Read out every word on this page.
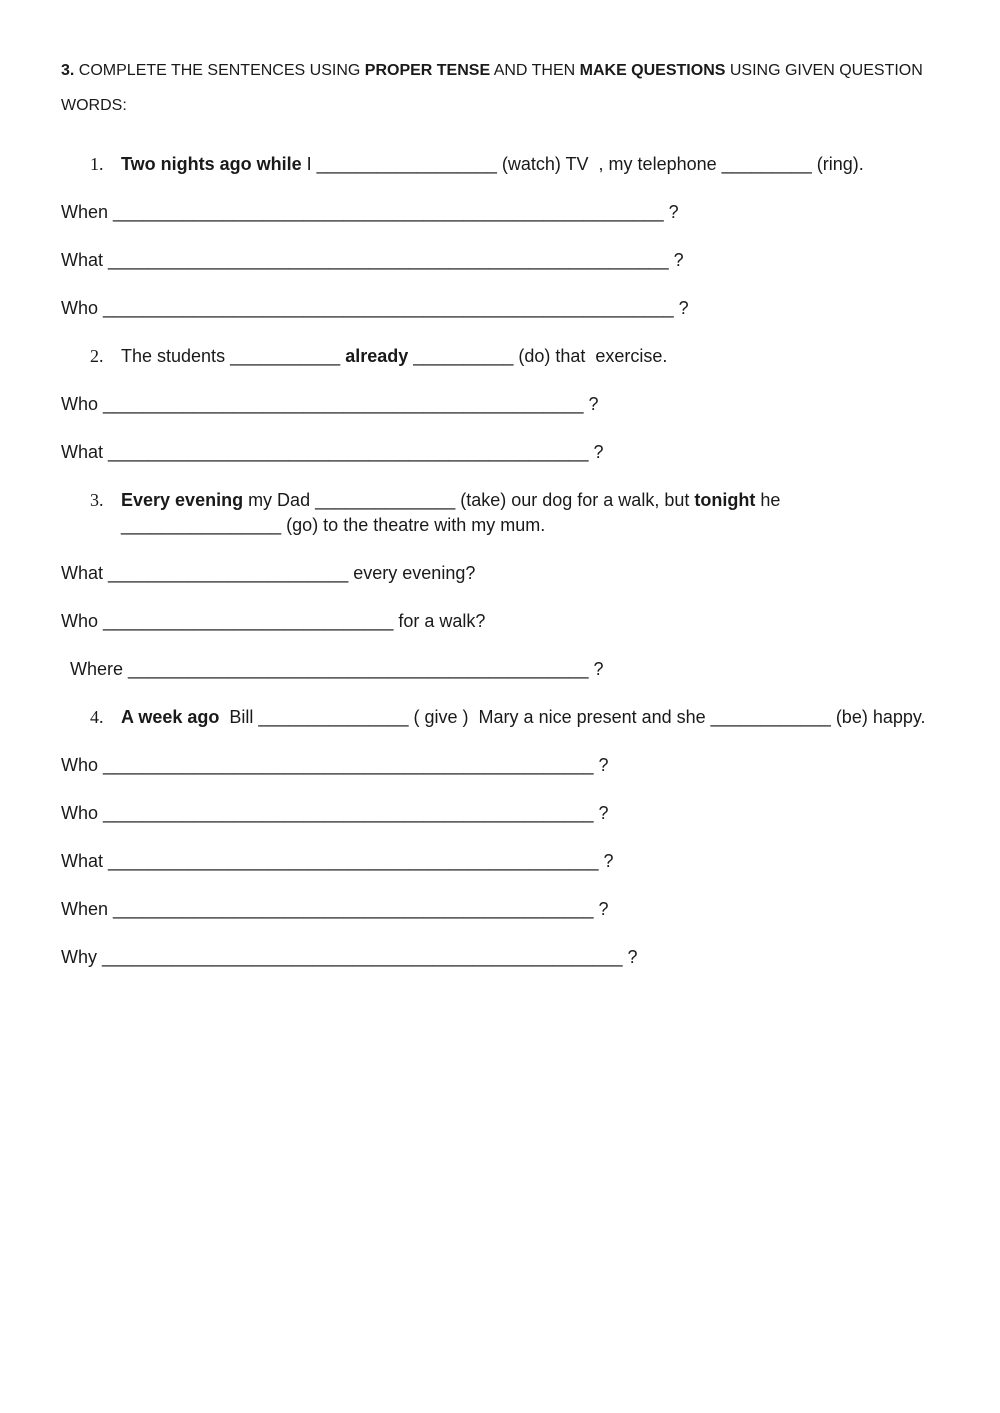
3. COMPLETE THE SENTENCES USING PROPER TENSE AND THEN MAKE QUESTIONS USING GIVEN QUESTION
WORDS:
1. Two nights ago while I __________________ (watch) TV  , my telephone _________ (ring).
When _______________________________________________________ ?
What ________________________________________________________ ?
Who _________________________________________________________ ?
2. The students ___________ already __________ (do) that  exercise.
Who ________________________________________________ ?
What ________________________________________________ ?
3. Every evening my Dad ______________ (take) our dog for a walk, but tonight he
________________ (go) to the theatre with my mum.
What ________________________ every evening?
Who _____________________________ for a walk?
Where ______________________________________________ ?
4. A week ago  Bill _______________ ( give )  Mary a nice present and she ____________ (be) happy.
Who _________________________________________________ ?
Who _________________________________________________ ?
What _________________________________________________ ?
When ________________________________________________ ?
Why ____________________________________________________ ?
